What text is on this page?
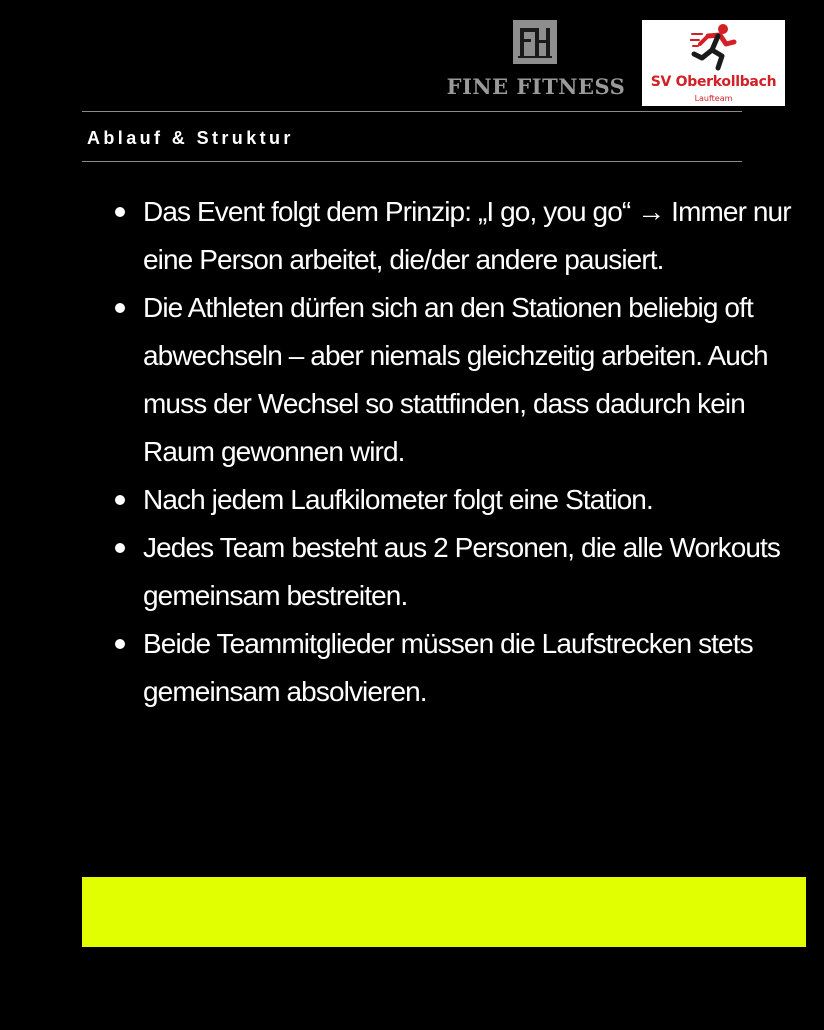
FINE FITNESS	SV Oberkollbach
Laufteam
Ablauf & Struktur
Das Event folgt dem Prinzip: „I go, you go“ → Immer nur eine Person arbeitet, die/der andere pausiert.
Die Athleten dürfen sich an den Stationen beliebig oft abwechseln – aber niemals gleichzeitig arbeiten. Auch muss der Wechsel so stattfinden, dass dadurch kein Raum gewonnen wird.
Nach jedem Laufkilometer folgt eine Station.
Jedes Team besteht aus 2 Personen, die alle Workouts gemeinsam bestreiten.
Beide Teammitglieder müssen die Laufstrecken stets gemeinsam absolvieren.
